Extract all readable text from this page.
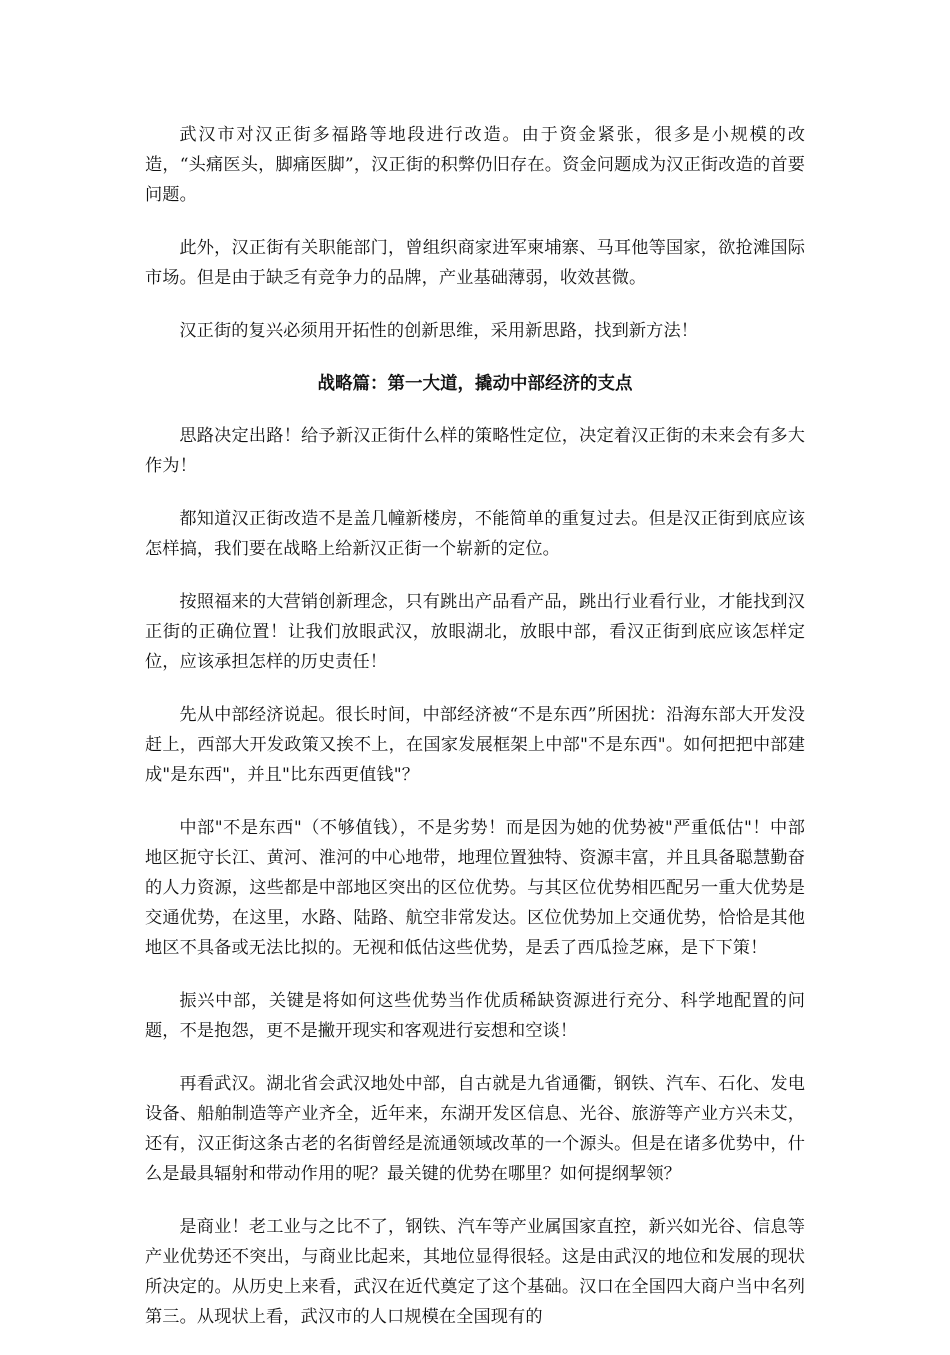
武汉市对汉正街多福路等地段进行改造。由于资金紧张，很多是小规模的改造，“头痛医头，脚痛医脚”，汉正街的积弊仍旧存在。资金问题成为汉正街改造的首要问题。

此外，汉正街有关职能部门，曾组织商家进军柬埔寨、马耳他等国家，欲抢滩国际市场。但是由于缺乏有竞争力的品牌，产业基础薄弱，收效甚微。

汉正街的复兴必须用开拓性的创新思维，采用新思路，找到新方法！

战略篇：第一大道，撬动中部经济的支点

思路决定出路！给予新汉正街什么样的策略性定位，决定着汉正街的未来会有多大作为！

都知道汉正街改造不是盖几幢新楼房，不能简单的重复过去。但是汉正街到底应该怎样搞，我们要在战略上给新汉正街一个崭新的定位。

按照福来的大营销创新理念，只有跳出产品看产品，跳出行业看行业，才能找到汉正街的正确位置！让我们放眼武汉，放眼湖北，放眼中部，看汉正街到底应该怎样定位，应该承担怎样的历史责任！

先从中部经济说起。很长时间，中部经济被“不是东西”所困扰：沿海东部大开发没赶上，西部大开发政策又挨不上，在国家发展框架上中部"不是东西"。如何把把中部建成"是东西"，并且"比东西更值钱"？

中部"不是东西"（不够值钱），不是劣势！而是因为她的优势被"严重低估"！中部地区扼守长江、黄河、淮河的中心地带，地理位置独特、资源丰富，并且具备聪慧勤奋的人力资源，这些都是中部地区突出的区位优势。与其区位优势相匹配另一重大优势是交通优势，在这里，水路、陆路、航空非常发达。区位优势加上交通优势，恰恰是其他地区不具备或无法比拟的。无视和低估这些优势，是丢了西瓜捡芝麻，是下下策！

振兴中部，关键是将如何这些优势当作优质稀缺资源进行充分、科学地配置的问题，不是抱怨，更不是撇开现实和客观进行妄想和空谈！

再看武汉。湖北省会武汉地处中部，自古就是九省通衢，钢铁、汽车、石化、发电设备、船舶制造等产业齐全，近年来，东湖开发区信息、光谷、旅游等产业方兴未艾，还有，汉正街这条古老的名街曾经是流通领域改革的一个源头。但是在诸多优势中，什么是最具辐射和带动作用的呢？最关键的优势在哪里？如何提纲挈领？

是商业！老工业与之比不了，钢铁、汽车等产业属国家直控，新兴如光谷、信息等产业优势还不突出，与商业比起来，其地位显得很轻。这是由武汉的地位和发展的现状所决定的。从历史上来看，武汉在近代奠定了这个基础。汉口在全国四大商户当中名列第三。从现状上看，武汉市的人口规模在全国现有的
